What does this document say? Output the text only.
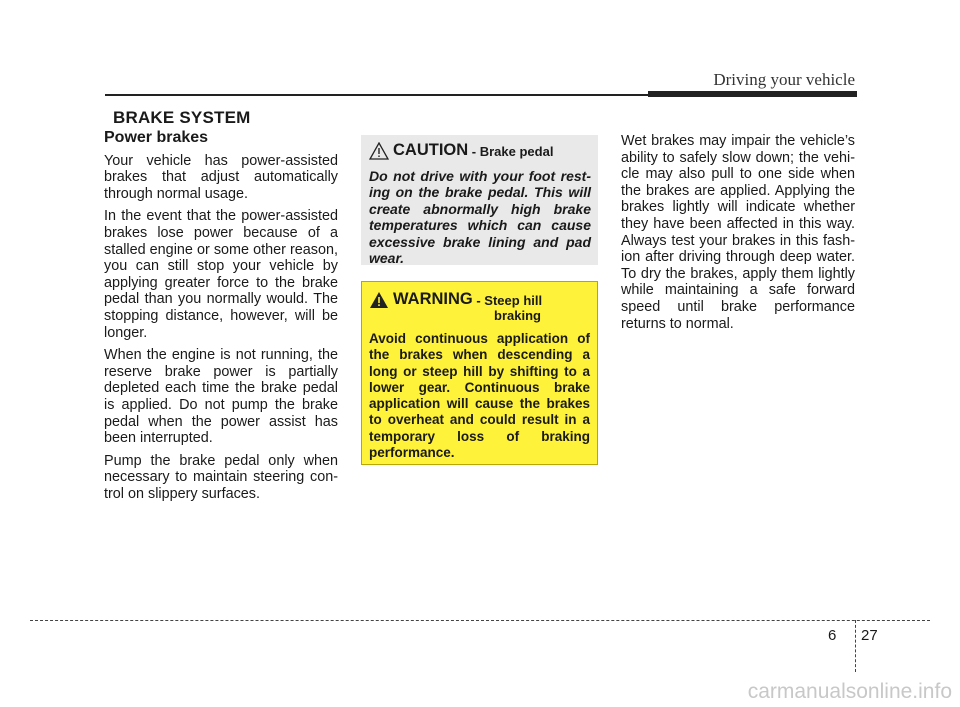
Driving your vehicle
BRAKE SYSTEM
Power brakes

Your vehicle has power-assisted brakes that adjust automatically through normal usage.

In the event that the power-assisted brakes lose power because of a stalled engine or some other reason, you can still stop your vehicle by applying greater force to the brake pedal than you normally would. The stopping distance, however, will be longer.

When the engine is not running, the reserve brake power is partially depleted each time the brake pedal is applied. Do not pump the brake pedal when the power assist has been interrupted.

Pump the brake pedal only when necessary to maintain steering con-trol on slippery surfaces.

CAUTION - Brake pedal
Do not drive with your foot rest-ing on the brake pedal. This will create abnormally high brake temperatures which can cause excessive brake lining and pad wear.
WARNING - Steep hill
braking
Avoid continuous application of the brakes when descending a long or steep hill by shifting to a lower gear. Continuous brake application will cause the brakes to overheat and could result in a temporary loss of braking performance.

Wet brakes may impair the vehicle’s ability to safely slow down; the vehi-cle may also pull to one side when the brakes are applied. Applying the brakes lightly will indicate whether they have been affected in this way. Always test your brakes in this fash-ion after driving through deep water. To dry the brakes, apply them lightly while maintaining a safe forward speed until brake performance returns to normal.

6 27
carmanualsonline.info
